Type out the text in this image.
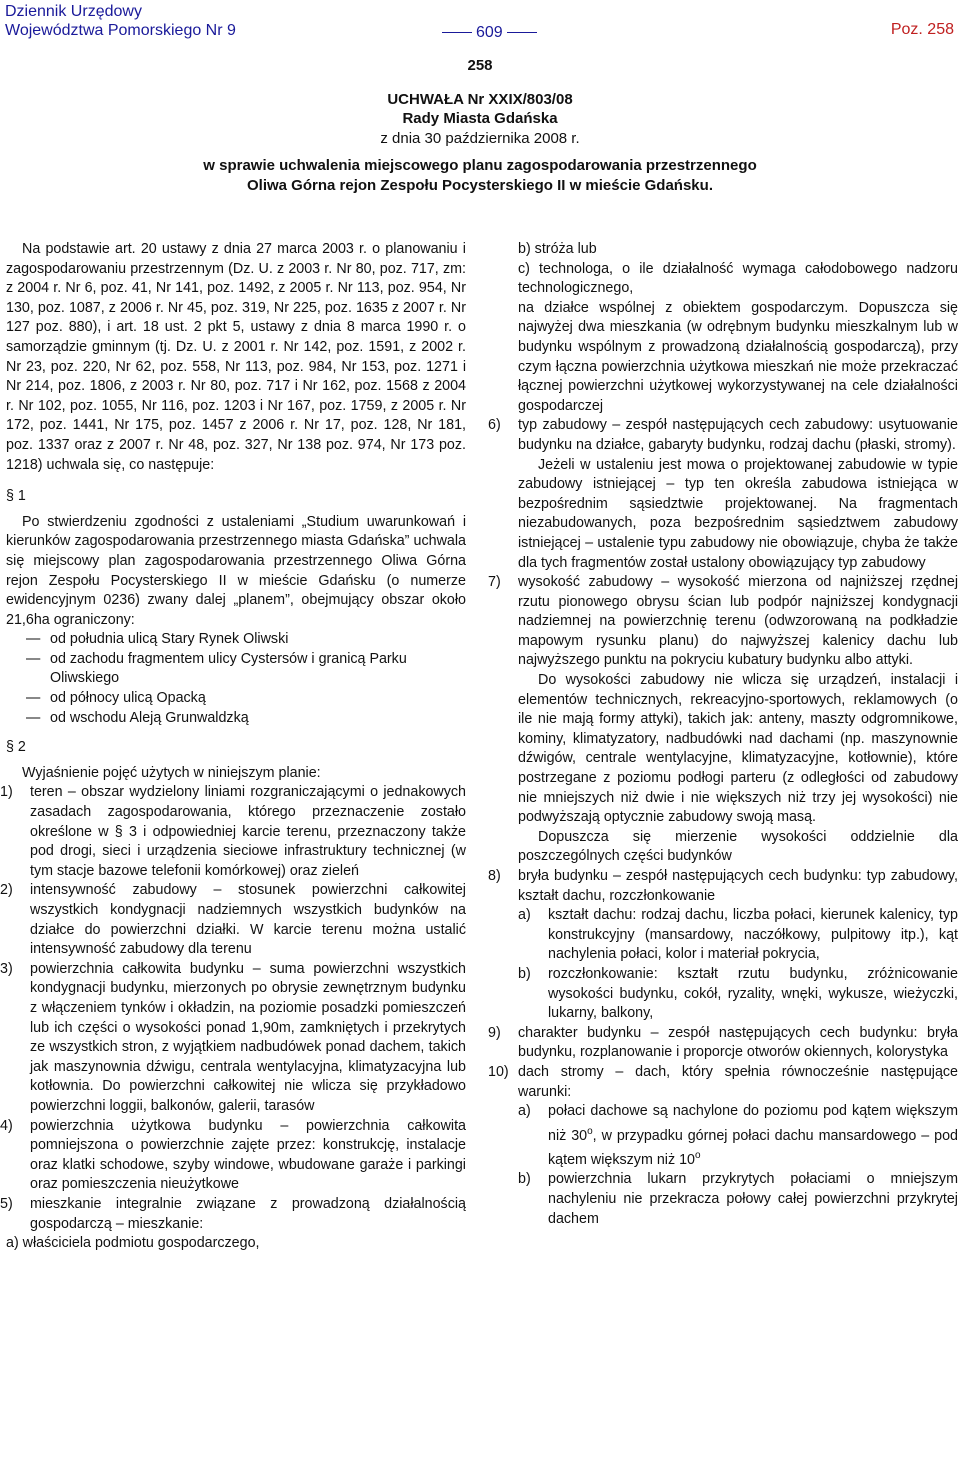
Dziennik Urzędowy
Województwa Pomorskiego Nr 9	609	Poz. 258
258
UCHWAŁA Nr XXIX/803/08
Rady Miasta Gdańska
z dnia 30 października 2008 r.
w sprawie uchwalenia miejscowego planu zagospodarowania przestrzennego
Oliwa Górna rejon Zespołu Pocysterskiego II w mieście Gdańsku.

Na podstawie art. 20 ustawy z dnia 27 marca 2003 r. o planowaniu i zagospodarowaniu przestrzennym (Dz. U. z 2003 r. Nr 80, poz. 717, zm: z 2004 r. Nr 6, poz. 41, Nr 141, poz. 1492, z 2005 r. Nr 113, poz. 954, Nr 130, poz. 1087, z 2006 r. Nr 45, poz. 319, Nr 225, poz. 1635 z 2007 r. Nr 127 poz. 880), i art. 18 ust. 2 pkt 5, ustawy z dnia 8 marca 1990 r. o samorządzie gminnym (tj. Dz. U. z 2001 r. Nr 142, poz. 1591, z 2002 r. Nr 23, poz. 220, Nr 62, poz. 558, Nr 113, poz. 984, Nr 153, poz. 1271 i Nr 214, poz. 1806, z 2003 r. Nr 80, poz. 717 i Nr 162, poz. 1568 z 2004 r. Nr 102, poz. 1055, Nr 116, poz. 1203 i Nr 167, poz. 1759, z 2005 r. Nr 172, poz. 1441, Nr 175, poz. 1457 z 2006 r. Nr 17, poz. 128, Nr 181, poz. 1337 oraz z 2007 r. Nr 48, poz. 327, Nr 138 poz. 974, Nr 173 poz. 1218) uchwala się, co następuje:

§ 1

Po stwierdzeniu zgodności z ustaleniami „Studium uwarunkowań i kierunków zagospodarowania przestrzennego miasta Gdańska” uchwala się miejscowy plan zagospodarowania przestrzennego Oliwa Górna rejon Zespołu Pocysterskiego II w mieście Gdańsku (o numerze ewidencyjnym 0236) zwany dalej „planem”, obejmujący obszar około 21,6ha ograniczony:

— od południa ulicą Stary Rynek Oliwski
— od zachodu fragmentem ulicy Cystersów i granicą Parku Oliwskiego
— od północy ulicą Opacką
— od wschodu Aleją Grunwaldzką

§ 2

Wyjaśnienie pojęć użytych w niniejszym planie:

1) teren – obszar wydzielony liniami rozgraniczającymi o jednakowych zasadach zagospodarowania, którego przeznaczenie zostało określone w § 3 i odpowiedniej karcie terenu, przeznaczony także pod drogi, sieci i urządzenia sieciowe infrastruktury technicznej (w tym stacje bazowe telefonii komórkowej) oraz zieleń
2) intensywność zabudowy – stosunek powierzchni całkowitej wszystkich kondygnacji nadziemnych wszystkich budynków na działce do powierzchni działki. W karcie terenu można ustalić intensywność zabudowy dla terenu
3) powierzchnia całkowita budynku – suma powierzchni wszystkich kondygnacji budynku, mierzonych po obrysie zewnętrznym budynku z włączeniem tynków i okładzin, na poziomie posadzki pomieszczeń lub ich części o wysokości ponad 1,90m, zamkniętych i przekrytych ze wszystkich stron, z wyjątkiem nadbudówek ponad dachem, takich jak maszynownia dźwigu, centrala wentylacyjna, klimatyzacyjna lub kotłownia. Do powierzchni całkowitej nie wlicza się przykładowo powierzchni loggii, balkonów, galerii, tarasów
4) powierzchnia użytkowa budynku – powierzchnia całkowita pomniejszona o powierzchnie zajęte przez: konstrukcję, instalacje oraz klatki schodowe, szyby windowe, wbudowane garaże i parkingi oraz pomieszczenia nieużytkowe
5) mieszkanie integralnie związane z prowadzoną działalnością gospodarczą – mieszkanie:

a) właściciela podmiotu gospodarczego,

b) stróża lub

c) technologa, o ile działalność wymaga całodobowego nadzoru technologicznego,

na działce wspólnej z obiektem gospodarczym. Dopuszcza się najwyżej dwa mieszkania (w odrębnym budynku mieszkalnym lub w budynku wspólnym z prowadzoną działalnością gospodarczą), przy czym łączna powierzchnia użytkowa mieszkań nie może przekraczać łącznej powierzchni użytkowej wykorzystywanej na cele działalności gospodarczej

6) typ zabudowy – zespół następujących cech zabudowy: usytuowanie budynku na działce, gabaryty budynku, rodzaj dachu (płaski, stromy).

Jeżeli w ustaleniu jest mowa o projektowanej zabudowie w typie zabudowy istniejącej – typ ten określa zabudowa istniejąca w bezpośrednim sąsiedztwie projektowanej. Na fragmentach niezabudowanych, poza bezpośrednim sąsiedztwem zabudowy istniejącej – ustalenie typu zabudowy nie obowiązuje, chyba że także dla tych fragmentów został ustalony obowiązujący typ zabudowy

7) wysokość zabudowy – wysokość mierzona od najniższej rzędnej rzutu pionowego obrysu ścian lub podpór najniższej kondygnacji nadziemnej na powierzchnię terenu (odwzorowaną na podkładzie mapowym rysunku planu) do najwyższej kalenicy dachu lub najwyższego punktu na pokryciu kubatury budynku albo attyki.

Do wysokości zabudowy nie wlicza się urządzeń, instalacji i elementów technicznych, rekreacyjno-sportowych, reklamowych (o ile nie mają formy attyki), takich jak: anteny, maszty odgromnikowe, kominy, klimatyzatory, nadbudówki nad dachami (np. maszynownie dźwigów, centrale wentylacyjne, klimatyzacyjne, kotłownie), które postrzegane z poziomu podłogi parteru (z odległości od zabudowy nie mniejszych niż dwie i nie większych niż trzy jej wysokości) nie podwyższają optycznie zabudowy swoją masą.

Dopuszcza się mierzenie wysokości oddzielnie dla poszczególnych części budynków

8) bryła budynku – zespół następujących cech budynku: typ zabudowy, kształt dachu, rozczłonkowanie
a) kształt dachu: rodzaj dachu, liczba połaci, kierunek kalenicy, typ konstrukcyjny (mansardowy, naczółkowy, pulpitowy itp.), kąt nachylenia połaci, kolor i materiał pokrycia,
b) rozczłonkowanie: kształt rzutu budynku, zróżnicowanie wysokości budynku, cokół, ryzality, wnęki, wykusze, wieżyczki, lukarny, balkony,
9) charakter budynku – zespół następujących cech budynku: bryła budynku, rozplanowanie i proporcje otworów okiennych, kolorystyka
10) dach stromy – dach, który spełnia równocześnie następujące warunki:
a) połaci dachowe są nachylone do poziomu pod kątem większym niż 30$^o$, w przypadku górnej połaci dachu mansardowego – pod kątem większym niż 10$^o$
b) powierzchnia lukarn przykrytych połaciami o mniejszym nachyleniu nie przekracza połowy całej powierzchni przykrytej dachem
